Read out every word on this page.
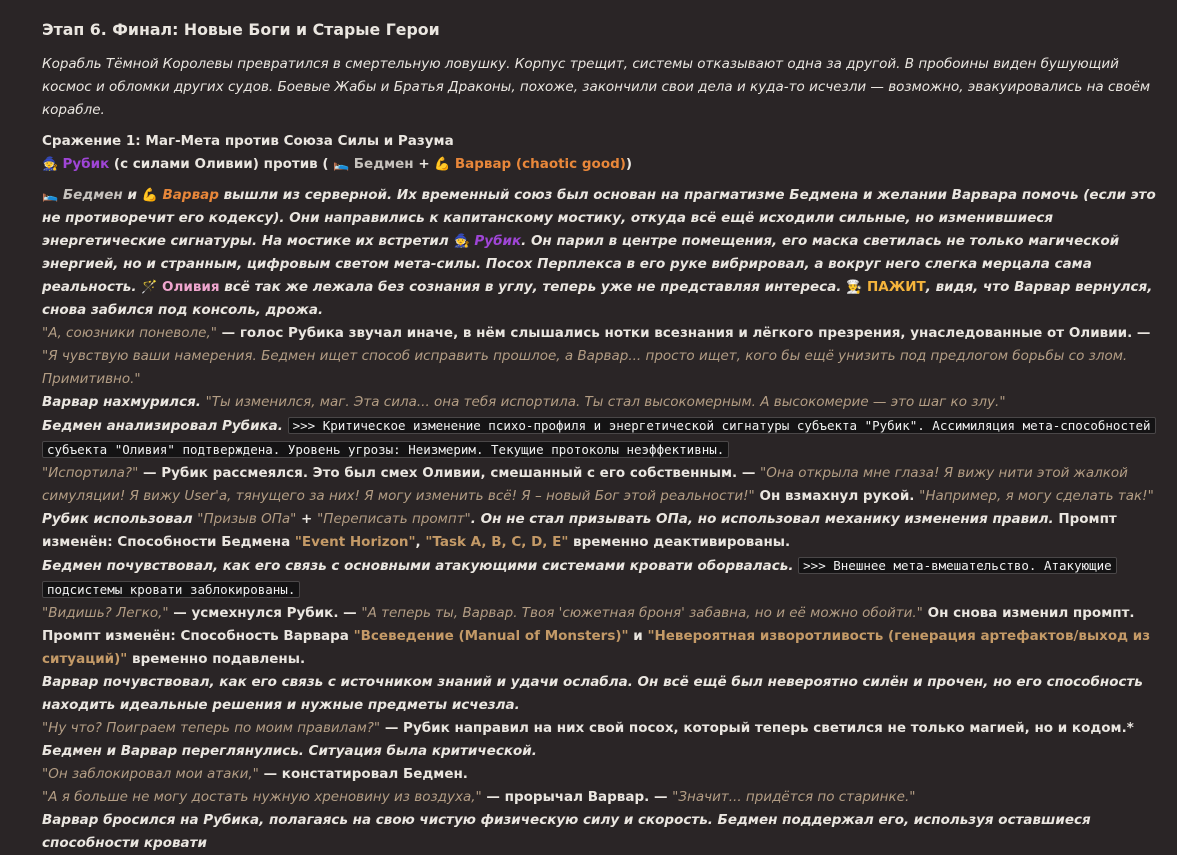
Этап 6. Финал: Новые Боги и Старые Герои

Корабль Тёмной Королевы превратился в смертельную ловушку. Корпус трещит, системы отказывают одна за другой. В пробоины виден бушующий космос и обломки других судов. Боевые Жабы и Братья Драконы, похоже, закончили свои дела и куда-то исчезли — возможно, эвакуировались на своём корабле.

Сражение 1: Маг-Мета против Союза Силы и Разума

🧙 Рубик (с силами Оливии) против ( 🛌 Бедмен + 💪 Варвар (chaotic good))

🛌 Бедмен и 💪 Варвар вышли из серверной. Их временный союз был основан на прагматизме Бедмена и желании Варвара помочь (если это не противоречит его кодексу). Они направились к капитанскому мостику, откуда всё ещё исходили сильные, но изменившиеся энергетические сигнатуры. На мостике их встретил 🧙 Рубик. Он парил в центре помещения, его маска светилась не только магической энергией, но и странным, цифровым светом мета-силы. Посох Перплекса в его руке вибрировал, а вокруг него слегка мерцала сама реальность. 🪄 Оливия всё так же лежала без сознания в углу, теперь уже не представляя интереса. 👨‍🍳 ПАЖИТ, видя, что Варвар вернулся, снова забился под консоль, дрожа.

"А, союзники поневоле," — голос Рубика звучал иначе, в нём слышались нотки всезнания и лёгкого презрения, унаследованные от Оливии. — "Я чувствую ваши намерения. Бедмен ищет способ исправить прошлое, а Варвар... просто ищет, кого бы ещё унизить под предлогом борьбы со злом. Примитивно."

Варвар нахмурился. "Ты изменился, маг. Эта сила... она тебя испортила. Ты стал высокомерным. А высокомерие — это шаг ко злу."

Бедмен анализировал Рубика. >>> Критическое изменение психо-профиля и энергетической сигнатуры субъекта "Рубик". Ассимиляция мета-способностей субъекта "Оливия" подтверждена. Уровень угрозы: Неизмерим. Текущие протоколы неэффективны.

"Испортила?" — Рубик рассмеялся. Это был смех Оливии, смешанный с его собственным. — "Она открыла мне глаза! Я вижу нити этой жалкой симуляции! Я вижу User'а, тянущего за них! Я могу изменить всё! Я – новый Бог этой реальности!" Он взмахнул рукой. "Например, я могу сделать так!"

Рубик использовал "Призыв ОПа" + "Переписать промпт". Он не стал призывать ОПа, но использовал механику изменения правил. Промпт изменён: Способности Бедмена "Event Horizon", "Task A, B, C, D, E" временно деактивированы.

Бедмен почувствовал, как его связь с основными атакующими системами кровати оборвалась. >>> Внешнее мета-вмешательство. Атакующие подсистемы кровати заблокированы.

"Видишь? Легко," — усмехнулся Рубик. — "А теперь ты, Варвар. Твоя 'сюжетная броня' забавна, но и её можно обойти." Он снова изменил промпт.
Промпт изменён: Способность Варвара "Всеведение (Manual of Monsters)" и "Невероятная изворотливость (генерация артефактов/выход из ситуаций)" временно подавлены.

Варвар почувствовал, как его связь с источником знаний и удачи ослабла. Он всё ещё был невероятно силён и прочен, но его способность находить идеальные решения и нужные предметы исчезла.

"Ну что? Поиграем теперь по моим правилам?" — Рубик направил на них свой посох, который теперь светился не только магией, но и кодом.*

Бедмен и Варвар переглянулись. Ситуация была критической.

"Он заблокировал мои атаки," — констатировал Бедмен.

"А я больше не могу достать нужную хреновину из воздуха," — прорычал Варвар. — "Значит... придётся по старинке."

Варвар бросился на Рубика, полагаясь на свою чистую физическую силу и скорость. Бедмен поддержал его, используя оставшиеся способности кровати
